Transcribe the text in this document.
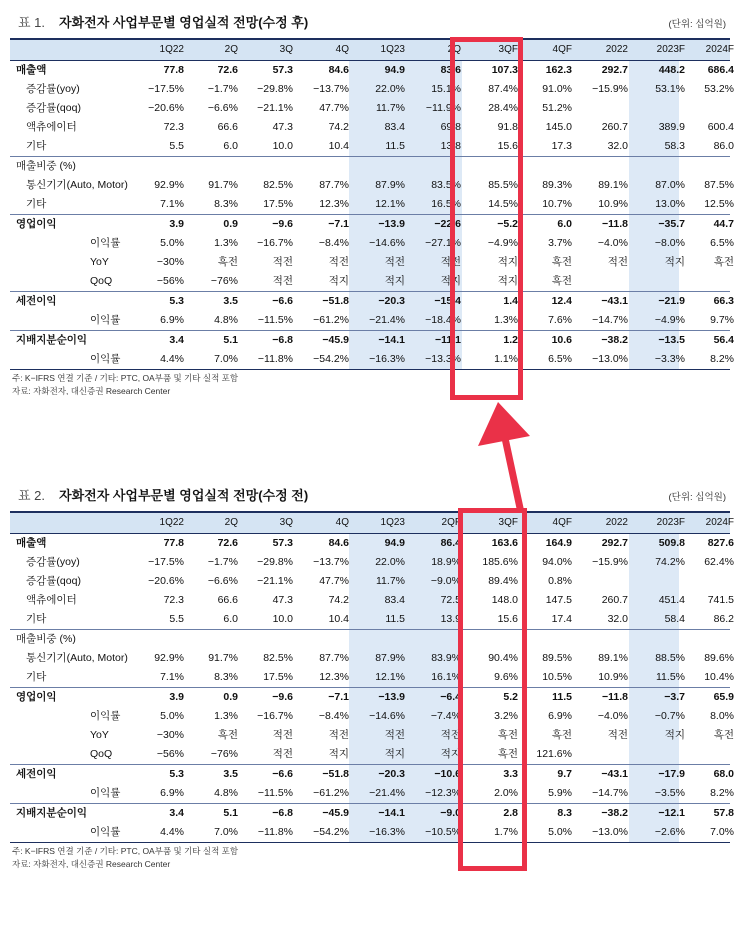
표 1. 자화전자 사업부문별 영업실적 전망(수정 후)	(단위: 십억원)
1Q22	2Q	3Q	4Q	1Q23	2Q	3QF	4QF	2022	2023F	2024F
매출액	77.8	72.6	57.3	84.6	94.9	83.6	107.3	162.3	292.7	448.2	686.4
증감률(yoy)	−17.5%	−1.7%	−29.8%	−13.7%	22.0%	15.1%	87.4%	91.0%	−15.9%	53.1%	53.2%
증감률(qoq)	−20.6%	−6.6%	−21.1%	47.7%	11.7%	−11.9%	28.4%	51.2%
액츄에이터	72.3	66.6	47.3	74.2	83.4	69.8	91.8	145.0	260.7	389.9	600.4
기타	5.5	6.0	10.0	10.4	11.5	13.8	15.6	17.3	32.0	58.3	86.0
매출비중 (%)
통신기기(Auto, Motor)	92.9%	91.7%	82.5%	87.7%	87.9%	83.5%	85.5%	89.3%	89.1%	87.0%	87.5%
기타	7.1%	8.3%	17.5%	12.3%	12.1%	16.5%	14.5%	10.7%	10.9%	13.0%	12.5%
영업이익	3.9	0.9	−9.6	−7.1	−13.9	−22.6	−5.2	6.0	−11.8	−35.7	44.7
이익률	5.0%	1.3%	−16.7%	−8.4%	−14.6%	−27.1%	−4.9%	3.7%	−4.0%	−8.0%	6.5%
YoY	−30%	흑전	적전	적전	적전	적전	적지	흑전	적전	적지	흑전
QoQ	−56%	−76%	적전	적지	적지	적지	적지	흑전
세전이익	5.3	3.5	−6.6	−51.8	−20.3	−15.4	1.4	12.4	−43.1	−21.9	66.3
이익률	6.9%	4.8%	−11.5%	−61.2%	−21.4%	−18.4%	1.3%	7.6%	−14.7%	−4.9%	9.7%
지배지분순이익	3.4	5.1	−6.8	−45.9	−14.1	−11.1	1.2	10.6	−38.2	−13.5	56.4
이익률	4.4%	7.0%	−11.8%	−54.2%	−16.3%	−13.3%	1.1%	6.5%	−13.0%	−3.3%	8.2%
주: K−IFRS 연결 기준 / 기타: PTC, OA부품 및 기타 실적 포함
자료: 자화전자, 대신증권 Research Center
표 2. 자화전자 사업부문별 영업실적 전망(수정 전)	(단위: 십억원)
1Q22	2Q	3Q	4Q	1Q23	2QF	3QF	4QF	2022	2023F	2024F
매출액	77.8	72.6	57.3	84.6	94.9	86.4	163.6	164.9	292.7	509.8	827.6
증감률(yoy)	−17.5%	−1.7%	−29.8%	−13.7%	22.0%	18.9%	185.6%	94.0%	−15.9%	74.2%	62.4%
증감률(qoq)	−20.6%	−6.6%	−21.1%	47.7%	11.7%	−9.0%	89.4%	0.8%
액츄에이터	72.3	66.6	47.3	74.2	83.4	72.5	148.0	147.5	260.7	451.4	741.5
기타	5.5	6.0	10.0	10.4	11.5	13.9	15.6	17.4	32.0	58.4	86.2
매출비중 (%)
통신기기(Auto, Motor)	92.9%	91.7%	82.5%	87.7%	87.9%	83.9%	90.4%	89.5%	89.1%	88.5%	89.6%
기타	7.1%	8.3%	17.5%	12.3%	12.1%	16.1%	9.6%	10.5%	10.9%	11.5%	10.4%
영업이익	3.9	0.9	−9.6	−7.1	−13.9	−6.4	5.2	11.5	−11.8	−3.7	65.9
이익률	5.0%	1.3%	−16.7%	−8.4%	−14.6%	−7.4%	3.2%	6.9%	−4.0%	−0.7%	8.0%
YoY	−30%	흑전	적전	적전	적전	적전	흑전	흑전	적전	적지	흑전
QoQ	−56%	−76%	적전	적지	적지	적지	흑전	121.6%
세전이익	5.3	3.5	−6.6	−51.8	−20.3	−10.6	3.3	9.7	−43.1	−17.9	68.0
이익률	6.9%	4.8%	−11.5%	−61.2%	−21.4%	−12.3%	2.0%	5.9%	−14.7%	−3.5%	8.2%
지배지분순이익	3.4	5.1	−6.8	−45.9	−14.1	−9.0	2.8	8.3	−38.2	−12.1	57.8
이익률	4.4%	7.0%	−11.8%	−54.2%	−16.3%	−10.5%	1.7%	5.0%	−13.0%	−2.6%	7.0%
주: K−IFRS 연결 기준 / 기타: PTC, OA부품 및 기타 실적 포함
자료: 자화전자, 대신증권 Research Center
